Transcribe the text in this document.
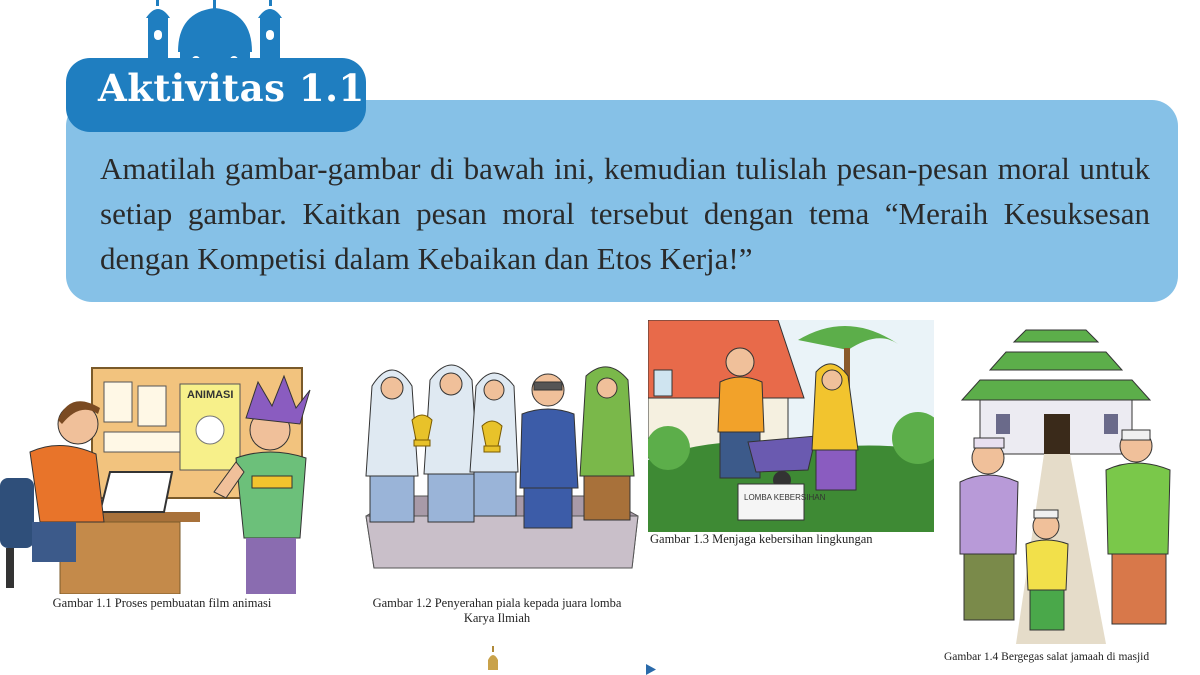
Aktivitas 1.1
Amatilah gambar-gambar di bawah ini, kemudian tulislah pesan-pesan moral untuk setiap gambar. Kaitkan pesan moral tersebut dengan tema “Meraih Kesuksesan dengan Kompetisi dalam Kebaikan dan Etos Kerja!”
ANIMASI
Gambar 1.1 Proses pembuatan film animasi	Gambar 1.2 Penyerahan piala kepada juara lomba Karya Ilmiah
LOMBA KEBERSIHAN
Gambar 1.3 Menjaga kebersihan lingkungan
Gambar 1.4 Bergegas salat jamaah di masjid
